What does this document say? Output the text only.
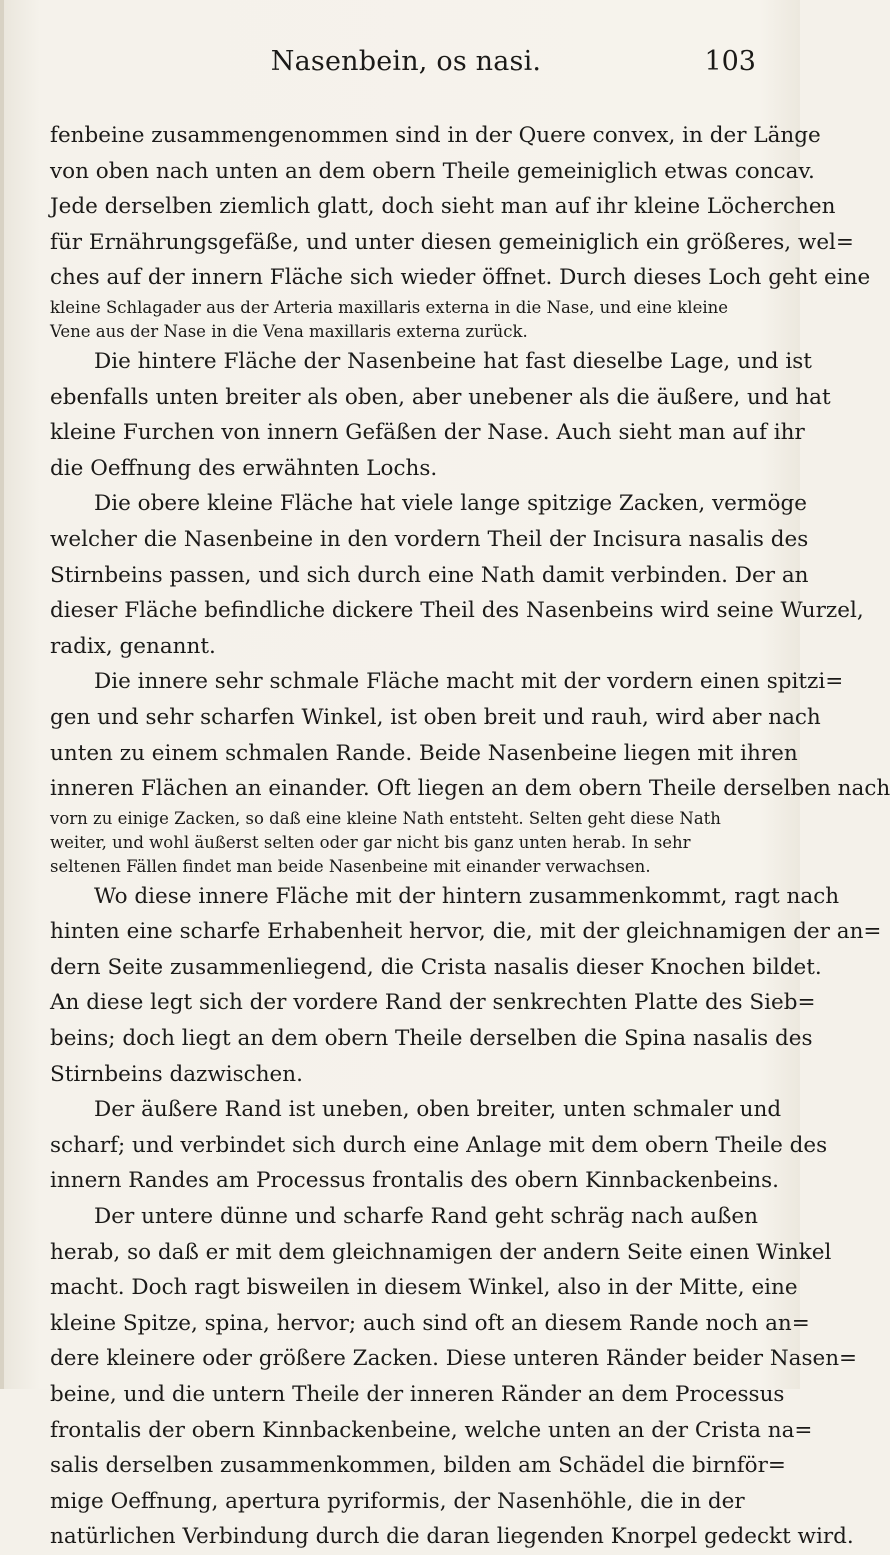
Nasenbein, os nasi.	103
fenbeine zusammengenommen sind in der Quere convex, in der Länge
von oben nach unten an dem obern Theile gemeiniglich etwas concav.
Jede derselben ziemlich glatt, doch sieht man auf ihr kleine Löcherchen
für Ernährungsgefäße, und unter diesen gemeiniglich ein größeres, wel=
ches auf der innern Fläche sich wieder öffnet. Durch dieses Loch geht eine
kleine Schlagader aus der Arteria maxillaris externa in die Nase, und eine kleine
Vene aus der Nase in die Vena maxillaris externa zurück.
Die hintere Fläche der Nasenbeine hat fast dieselbe Lage, und ist
ebenfalls unten breiter als oben, aber unebener als die äußere, und hat
kleine Furchen von innern Gefäßen der Nase. Auch sieht man auf ihr
die Oeffnung des erwähnten Lochs.
Die obere kleine Fläche hat viele lange spitzige Zacken, vermöge
welcher die Nasenbeine in den vordern Theil der Incisura nasalis des
Stirnbeins passen, und sich durch eine Nath damit verbinden. Der an
dieser Fläche befindliche dickere Theil des Nasenbeins wird seine Wurzel,
radix, genannt.
Die innere sehr schmale Fläche macht mit der vordern einen spitzi=
gen und sehr scharfen Winkel, ist oben breit und rauh, wird aber nach
unten zu einem schmalen Rande. Beide Nasenbeine liegen mit ihren
inneren Flächen an einander. Oft liegen an dem obern Theile derselben nach
vorn zu einige Zacken, so daß eine kleine Nath entsteht. Selten geht diese Nath
weiter, und wohl äußerst selten oder gar nicht bis ganz unten herab. In sehr
seltenen Fällen findet man beide Nasenbeine mit einander verwachsen.
Wo diese innere Fläche mit der hintern zusammenkommt, ragt nach
hinten eine scharfe Erhabenheit hervor, die, mit der gleichnamigen der an=
dern Seite zusammenliegend, die Crista nasalis dieser Knochen bildet.
An diese legt sich der vordere Rand der senkrechten Platte des Sieb=
beins; doch liegt an dem obern Theile derselben die Spina nasalis des
Stirnbeins dazwischen.
Der äußere Rand ist uneben, oben breiter, unten schmaler und
scharf; und verbindet sich durch eine Anlage mit dem obern Theile des
innern Randes am Processus frontalis des obern Kinnbackenbeins.
Der untere dünne und scharfe Rand geht schräg nach außen
herab, so daß er mit dem gleichnamigen der andern Seite einen Winkel
macht. Doch ragt bisweilen in diesem Winkel, also in der Mitte, eine
kleine Spitze, spina, hervor; auch sind oft an diesem Rande noch an=
dere kleinere oder größere Zacken. Diese unteren Ränder beider Nasen=
beine, und die untern Theile der inneren Ränder an dem Processus
frontalis der obern Kinnbackenbeine, welche unten an der Crista na=
salis derselben zusammenkommen, bilden am Schädel die birnför=
mige Oeffnung, apertura pyriformis, der Nasenhöhle, die in der
natürlichen Verbindung durch die daran liegenden Knorpel gedeckt wird.
